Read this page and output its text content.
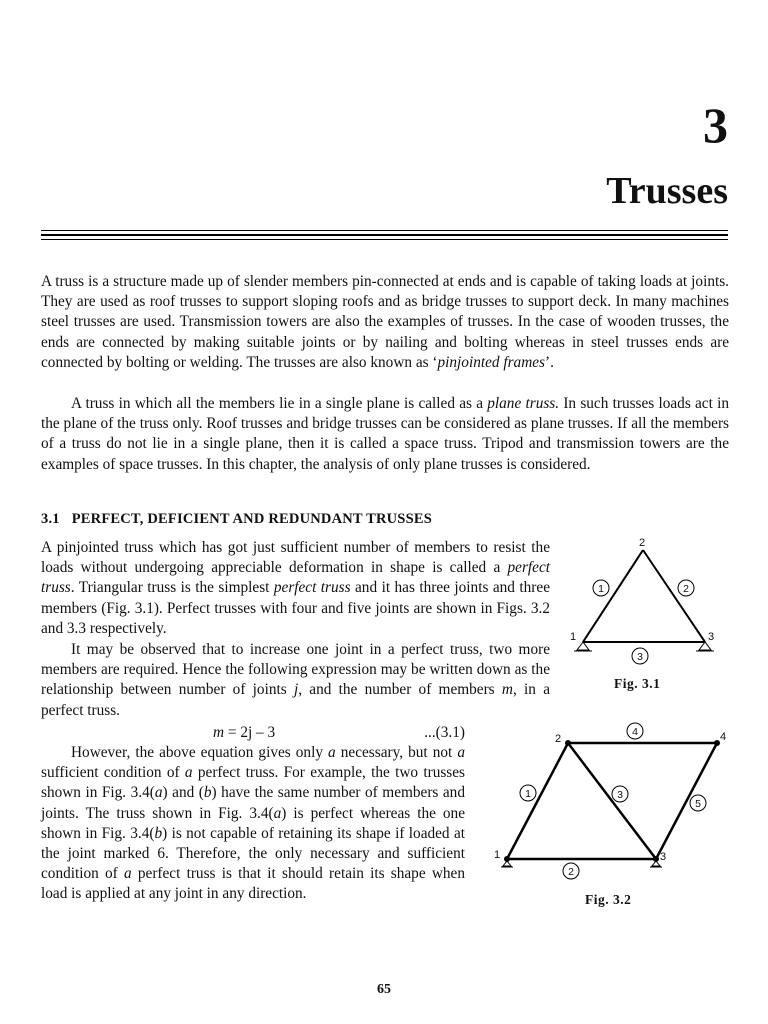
3
Trusses

A truss is a structure made up of slender members pin-connected at ends and is capable of taking loads at joints. They are used as roof trusses to support sloping roofs and as bridge trusses to support deck. In many machines steel trusses are used. Transmission towers are also the examples of trusses. In the case of wooden trusses, the ends are connected by making suitable joints or by nailing and bolting whereas in steel trusses ends are connected by bolting or welding. The trusses are also known as ‘pinjointed frames’.

A truss in which all the members lie in a single plane is called as a plane truss. In such trusses loads act in the plane of the truss only. Roof trusses and bridge trusses can be considered as plane trusses. If all the members of a truss do not lie in a single plane, then it is called a space truss. Tripod and transmission towers are the examples of space trusses. In this chapter, the analysis of only plane trusses is considered.

3.1 PERFECT, DEFICIENT AND REDUNDANT TRUSSES

A pinjointed truss which has got just sufficient number of members to resist the loads without undergoing appreciable deformation in shape is called a perfect truss. Triangular truss is the simplest perfect truss and it has three joints and three members (Fig. 3.1). Perfect trusses with four and five joints are shown in Figs. 3.2 and 3.3 respectively.

It may be observed that to increase one joint in a perfect truss, two more members are required. Hence the following expression may be written down as the relationship between number of joints j, and the number of members m, in a perfect truss.

m = 2j – 3	...(3.1)

However, the above equation gives only a necessary, but not a sufficient condition of a perfect truss. For example, the two trusses shown in Fig. 3.4(a) and (b) have the same number of members and joints. The truss shown in Fig. 3.4(a) is perfect whereas the one shown in Fig. 3.4(b) is not capable of retaining its shape if loaded at the joint marked 6. Therefore, the only necessary and sufficient condition of a perfect truss is that it should retain its shape when load is applied at any joint in any direction.

2
1	3
1	2
3
Fig. 3.1
1
2
3
4
1
2
3
4
5
Fig. 3.2
65
